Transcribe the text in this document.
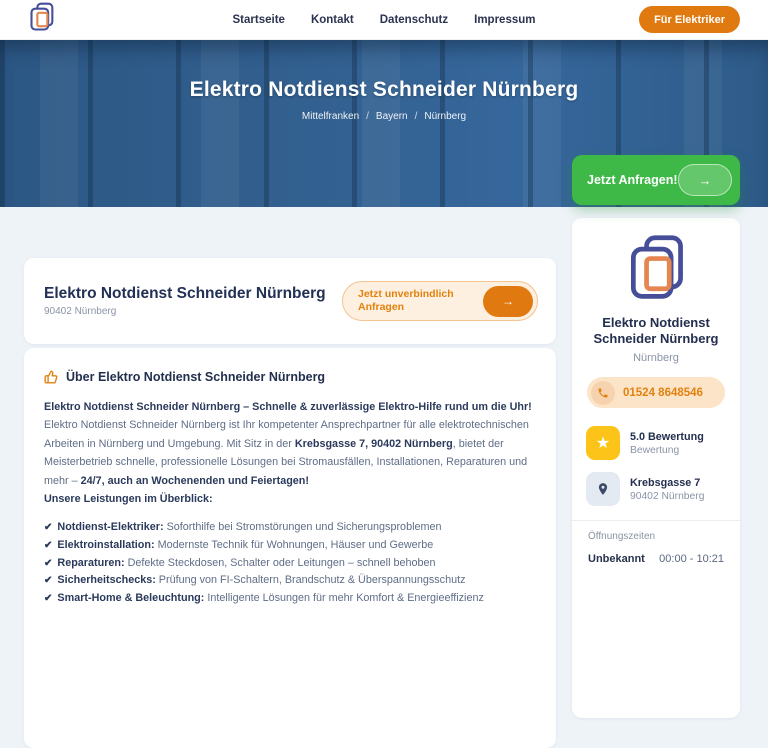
Startseite Kontakt Datenschutz Impressum	Für Elektriker
Elektro Notdienst Schneider Nürnberg
Mittelfranken / Bayern / Nürnberg
Jetzt Anfragen! →
Elektro Notdienst Schneider Nürnberg
90402 Nürnberg
Jetzt unverbindlich
Anfragen	→
Über Elektro Notdienst Schneider Nürnberg

Elektro Notdienst Schneider Nürnberg – Schnelle & zuverlässige Elektro-Hilfe rund um die Uhr!
Elektro Notdienst Schneider Nürnberg ist Ihr kompetenter Ansprechpartner für alle elektrotechnischen Arbeiten in Nürnberg und Umgebung. Mit Sitz in der Krebsgasse 7, 90402 Nürnberg, bietet der Meisterbetrieb schnelle, professionelle Lösungen bei Stromausfällen, Installationen, Reparaturen und mehr – 24/7, auch an Wochenenden und Feiertagen!
Unsere Leistungen im Überblick:

✔ Notdienst-Elektriker: Soforthilfe bei Stromstörungen und Sicherungsproblemen
✔ Elektroinstallation: Modernste Technik für Wohnungen, Häuser und Gewerbe
✔ Reparaturen: Defekte Steckdosen, Schalter oder Leitungen – schnell behoben
✔ Sicherheitschecks: Prüfung von FI-Schaltern, Brandschutz & Überspannungsschutz
✔ Smart-Home & Beleuchtung: Intelligente Lösungen für mehr Komfort & Energieeffizienz
Elektro Notdienst
Schneider Nürnberg
Nürnberg
01524 8648546
★	5.0 Bewertung
Bewertung
Krebsgasse 7
90402 Nürnberg
Öffnungszeiten
Unbekannt 00:00 - 10:21
